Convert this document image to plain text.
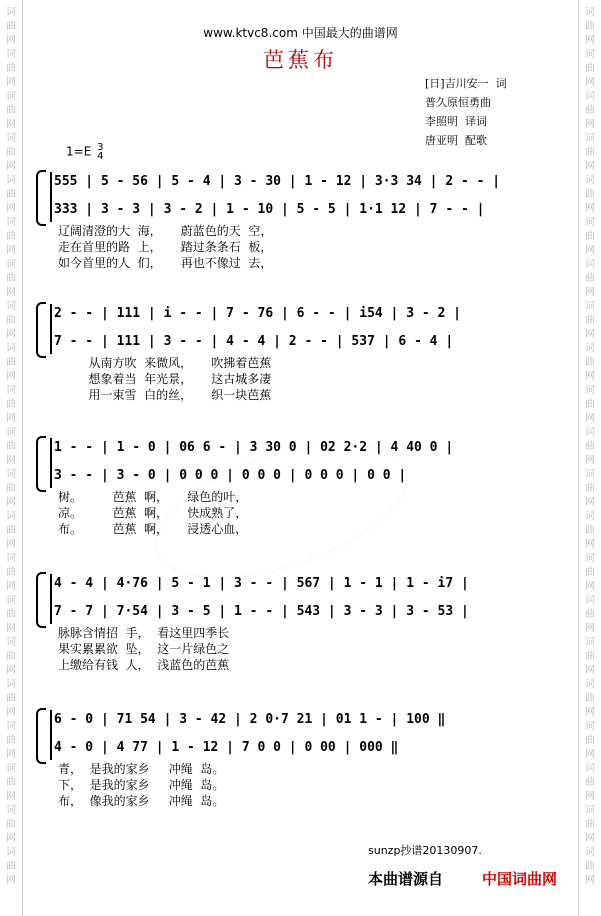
词
曲
网
词
曲
网
词
曲
网
词
曲
网
词
曲
网
词
曲
网
词
曲
网
词
曲
网
词
曲
网
词
曲
网
词
曲
网
词
曲
网
词
曲
网
词
曲
网
词
曲
网
词
曲
网
词
曲
网
词
曲
网
词
曲
网
词
曲
网
词
曲
网
词
曲
网
词
曲
网
词
曲
网
词
曲
网
词
曲
网
词
曲
网
词
曲
网
词
曲
网
词
曲
网
词
曲
网
词
曲
网
词
曲
网
词
曲
网
词
曲
网
词
曲
网
词
曲
网
词
曲
网
词
曲
网
词
曲
网
词
曲
网
词
曲
网
www.ktvc8.com 中国最大的曲谱网
芭蕉布
[日]吉川安一  词
普久原恒勇曲
李照明  译词
唐亚明  配歌
1=E 3
4
555 | 5 - 56 | 5 - 4 | 3 - 30 | 1 - 12 | 3·3 34 | 2 - - |
333 | 3 - 3 | 3 - 2 | 1 - 10 | 5 - 5 | 1·1 12 | 7 - - |
辽阔清澄的大  海，     蔚蓝色的天  空，
走在首里的路  上，     踏过条条石  板，
如今首里的人  们，     再也不像过  去，
2 - - | 111 | i - - | 7 - 76 | 6 - - | i54 | 3 - 2 |
7 - - | 111 | 3 - - | 4 - 4 | 2 - - | 537 | 6 - 4 |
从南方吹  来微风，     吹拂着芭蕉
想象着当  年光景，     这古城多凄
用一束雪  白的丝，     织一块芭蕉
1 - - | 1 - 0 | 06 6 - | 3 30 0 | 02 2·2 | 4 40 0 |
3 - - | 3 - 0 | 0 0 0 | 0 0 0 | 0 0 0 | 0 0 |
树。        芭蕉  啊，     绿色的叶，
凉。        芭蕉  啊，     快成熟了，
布。        芭蕉  啊，     浸透心血，
4 - 4 | 4·76 | 5 - 1 | 3 - - | 567 | 1 - 1 | 1 - i7 |
7 - 7 | 7·54 | 3 - 5 | 1 - - | 543 | 3 - 3 | 3 - 53 |
脉脉含情招  手，  看这里四季长
果实累累欲  坠，  这一片绿色之
上缴给有钱  人，  浅蓝色的芭蕉
6 - 0 | 71 54 | 3 - 42 | 2 0·7 21 | 01 1 - | 100 ‖
4 - 0 | 4 77 | 1 - 12 | 7 0 0 | 0 00 | 000 ‖
青，  是我的家乡     冲绳  岛。
下，  是我的家乡     冲绳  岛。
布，  像我的家乡     冲绳  岛。
sunzp抄谱20130907.
本曲谱源自	中国词曲网
